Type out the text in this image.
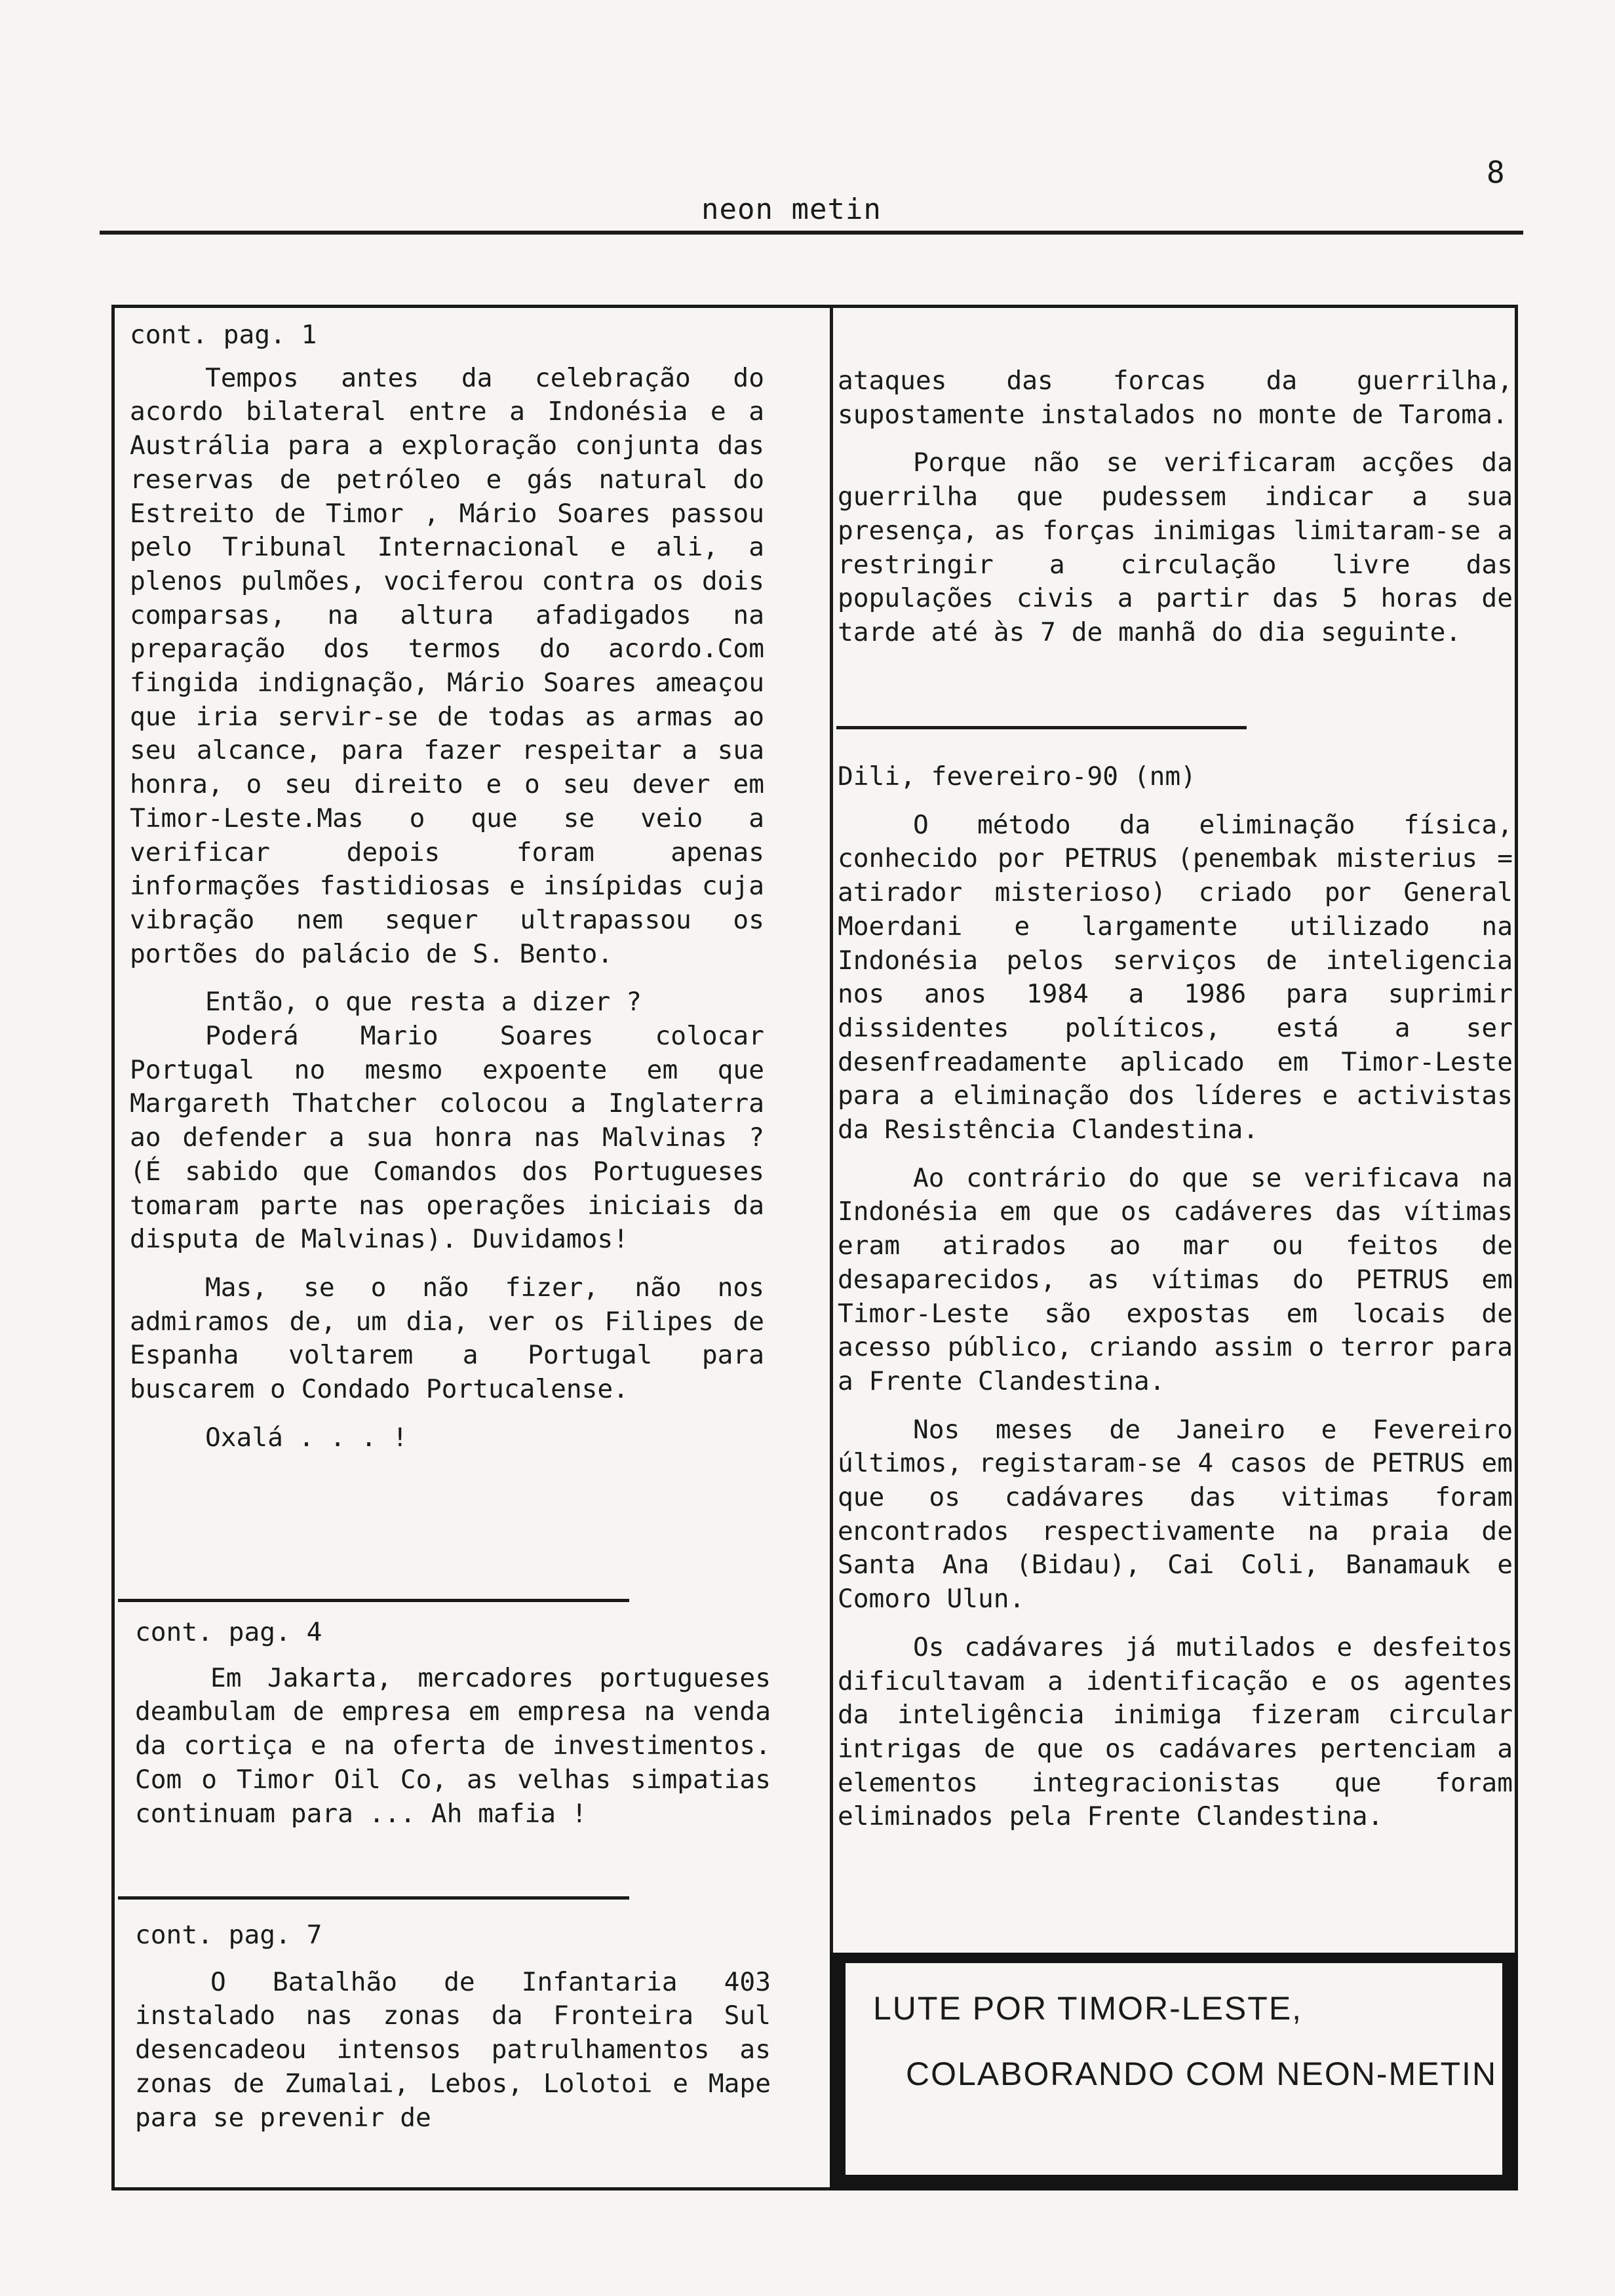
8
neon metin
cont. pag. 1

Tempos antes da celebração do acordo bilateral entre a Indonésia e a Austrália para a exploração conjunta das reservas de petróleo e gás natural do Estreito de Timor , Mário Soares passou pelo Tribunal Internacional e ali, a plenos pulmões, vociferou contra os dois comparsas, na altura afadigados na preparação dos termos do acordo.Com fingida indignação, Mário Soares ameaçou que iria servir-se de todas as armas ao seu alcance, para fazer respeitar a sua honra, o seu direito e o seu dever em Timor-Leste.Mas o que se veio a verificar depois foram apenas informações fastidiosas e insípidas cuja vibração nem sequer ultrapassou os portões do palácio de S. Bento.

Então, o que resta a dizer ?

Poderá Mario Soares colocar Portugal no mesmo expoente em que Margareth Thatcher colocou a Inglaterra ao defender a sua honra nas Malvinas ? (É sabido que Comandos dos Portugueses tomaram parte nas operações iniciais da disputa de Malvinas). Duvidamos!

Mas, se o não fizer, não nos admiramos de, um dia, ver os Filipes de Espanha voltarem a Portugal para buscarem o Condado Portucalense.

Oxalá . . . !

cont. pag. 4

Em Jakarta, mercadores portugueses deambulam de empresa em empresa na venda da cortiça e na oferta de investimentos. Com o Timor Oil Co, as velhas simpatias continuam para ... Ah mafia !

cont. pag. 7

O Batalhão de Infantaria 403 instalado nas zonas da Fronteira Sul desencadeou intensos patrulhamentos as zonas de Zumalai, Lebos, Lolotoi e Mape para se prevenir de

ataques das forcas da guerrilha, supostamente instalados no monte de Taroma.

Porque não se verificaram acções da guerrilha que pudessem indicar a sua presença, as forças inimigas limitaram-se a restringir a circulação livre das populações civis a partir das 5 horas de tarde até às 7 de manhã do dia seguinte.

Dili, fevereiro-90 (nm)

O método da eliminação física, conhecido por PETRUS (penembak misterius = atirador misterioso) criado por General Moerdani e largamente utilizado na Indonésia pelos serviços de inteligencia nos anos 1984 a 1986 para suprimir dissidentes políticos, está a ser desenfreadamente aplicado em Timor-Leste para a eliminação dos líderes e activistas da Resistência Clandestina.

Ao contrário do que se verificava na Indonésia em que os cadáveres das vítimas eram atirados ao mar ou feitos de desaparecidos, as vítimas do PETRUS em Timor-Leste são expostas em locais de acesso público, criando assim o terror para a Frente Clandestina.

Nos meses de Janeiro e Fevereiro últimos, registaram-se 4 casos de PETRUS em que os cadávares das vitimas foram encontrados respectivamente na praia de Santa Ana (Bidau), Cai Coli, Banamauk e Comoro Ulun.

Os cadávares já mutilados e desfeitos dificultavam a identificação e os agentes da inteligência inimiga fizeram circular intrigas de que os cadávares pertenciam a elementos integracionistas que foram eliminados pela Frente Clandestina.

LUTE POR TIMOR-LESTE,
COLABORANDO COM NEON-METIN
